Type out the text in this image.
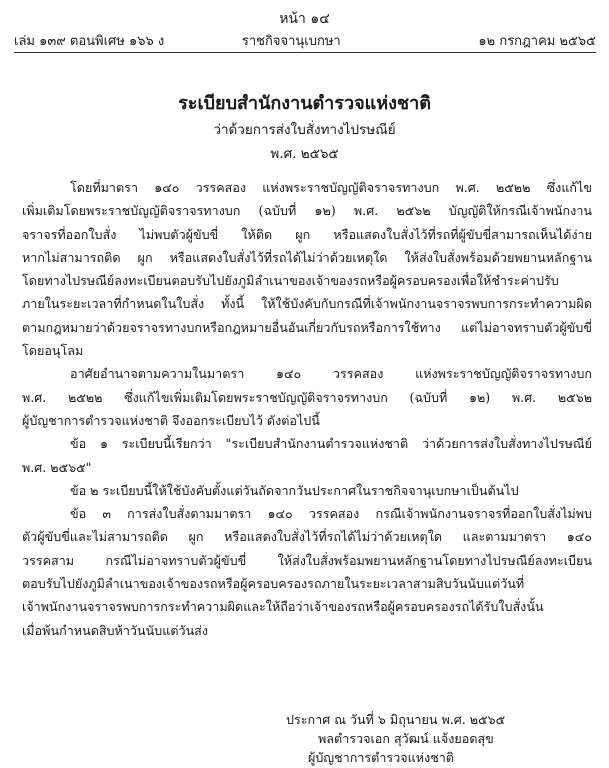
หน้า ๑๔
เล่ม ๑๓๙ ตอนพิเศษ ๑๖๖ ง	ราชกิจจานุเบกษา	๑๒ กรกฎาคม ๒๕๖๕
ระเบียบสำนักงานตำรวจแห่งชาติ
ว่าด้วยการส่งใบสั่งทางไปรษณีย์
พ.ศ. ๒๕๖๕

โดยที่มาตรา ๑๔๐ วรรคสอง แห่งพระราชบัญญัติจราจรทางบก พ.ศ. ๒๕๒๒ ซึ่งแก้ไข

เพิ่มเติมโดยพระราชบัญญัติจราจรทางบก (ฉบับที่ ๑๒) พ.ศ. ๒๕๖๒ บัญญัติให้กรณีเจ้าพนักงาน

จราจรที่ออกใบสั่ง ไม่พบตัวผู้ขับขี่ ให้ติด ผูก หรือแสดงใบสั่งไว้ที่รถที่ผู้ขับขี่สามารถเห็นได้ง่าย

หากไม่สามารถติด ผูก หรือแสดงใบสั่งไว้ที่รถได้ไม่ว่าด้วยเหตุใด ให้ส่งใบสั่งพร้อมด้วยพยานหลักฐาน

โดยทางไปรษณีย์ลงทะเบียนตอบรับไปยังภูมิลำเนาของเจ้าของรถหรือผู้ครอบครองเพื่อให้ชำระค่าปรับ

ภายในระยะเวลาที่กำหนดในใบสั่ง ทั้งนี้ ให้ใช้บังคับกับกรณีที่เจ้าพนักงานจราจรพบการกระทำความผิด

ตามกฎหมายว่าด้วยจราจรทางบกหรือกฎหมายอื่นอันเกี่ยวกับรถหรือการใช้ทาง แต่ไม่อาจทราบตัวผู้ขับขี่

โดยอนุโลม

อาศัยอำนาจตามความในมาตรา ๑๔๐ วรรคสอง แห่งพระราชบัญญัติจราจรทางบก

พ.ศ. ๒๕๒๒ ซึ่งแก้ไขเพิ่มเติมโดยพระราชบัญญัติจราจรทางบก (ฉบับที่ ๑๒) พ.ศ. ๒๕๖๒

ผู้บัญชาการตำรวจแห่งชาติ จึงออกระเบียบไว้ ดังต่อไปนี้

ข้อ ๑ ระเบียบนี้เรียกว่า "ระเบียบสำนักงานตำรวจแห่งชาติ ว่าด้วยการส่งใบสั่งทางไปรษณีย์

พ.ศ. ๒๕๖๕"

ข้อ ๒ ระเบียบนี้ให้ใช้บังคับตั้งแต่วันถัดจากวันประกาศในราชกิจจานุเบกษาเป็นต้นไป

ข้อ ๓ การส่งใบสั่งตามมาตรา ๑๔๐ วรรคสอง กรณีเจ้าพนักงานจราจรที่ออกใบสั่งไม่พบ

ตัวผู้ขับขี่และไม่สามารถติด ผูก หรือแสดงใบสั่งไว้ที่รถได้ไม่ว่าด้วยเหตุใด และตามมาตรา ๑๔๐

วรรคสาม กรณีไม่อาจทราบตัวผู้ขับขี่ ให้ส่งใบสั่งพร้อมพยานหลักฐานโดยทางไปรษณีย์ลงทะเบียน

ตอบรับไปยังภูมิลำเนาของเจ้าของรถหรือผู้ครอบครองรถภายในระยะเวลาสามสิบวันนับแต่วันที่

เจ้าพนักงานจราจรพบการกระทำความผิดและให้ถือว่าเจ้าของรถหรือผู้ครอบครองรถได้รับใบสั่งนั้น

เมื่อพ้นกำหนดสิบห้าวันนับแต่วันส่ง

ประกาศ ณ วันที่ ๖ มิถุนายน พ.ศ. ๒๕๖๕
พลตำรวจเอก สุวัฒน์ แจ้งยอดสุข
ผู้บัญชาการตำรวจแห่งชาติ
